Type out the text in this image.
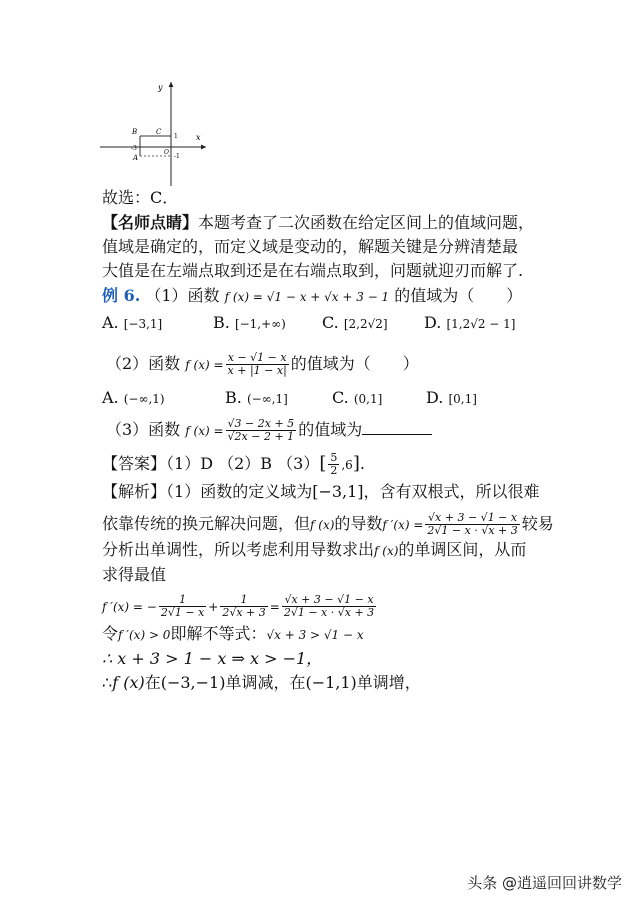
y
x
B	C
A
-3
1
-1
O
故选：C．
【名师点睛】本题考查了二次函数在给定区间上的值域问题，
值域是确定的，而定义域是变动的，解题关键是分辨清楚最
大值是在左端点取到还是在右端点取到，问题就迎刃而解了.
例 6. （1）函数 f (x) = √1 − x + √x + 3 − 1 的值域为（　　）
A. [−3,1]	B. [−1,+∞) C. [2,2√2] D. [1,2√2 − 1]
（2）函数 f $(x) = \frac{x - √1 - x}{x + |1 - x|}$ 的值域为（　　）
A. (−∞,1)	B. (−∞,1]	C. (0,1]	D. [0,1]
（3）函数 f $(x) = \frac{√3 - 2x + 5}{√2x - 2 + 1}$ 的值域为
【答案】（1）D （2）B $(3)[ \frac{5}{2} ,6]$.
【解析】（1）函数的定义域为[−3,1]，含有双根式，所以很难
依靠传统的换元解决问题，但f (x)的导数f $'(x) = \frac{√x + 3 - √1 - x}{2√1 - x \cdot √x + 3}$ 较易
分析出单调性，所以考虑利用导数求出f (x)的单调区间，从而
求得最值
f ′(x) = − $\frac{1}{2√1 - x} + \frac{1}{2√x + 3} = \frac{√x + 3 - √1 - x}{2√1 - x \cdot √x + 3}$
令f ′(x) > 0即解不等式：√x + 3 > √1 − x
∴ x + 3 > 1 − x ⇒ x > −1，
∴f (x)在(−3,−1)单调减，在(−1,1)单调增，
头条 @逍遥回回讲数学
